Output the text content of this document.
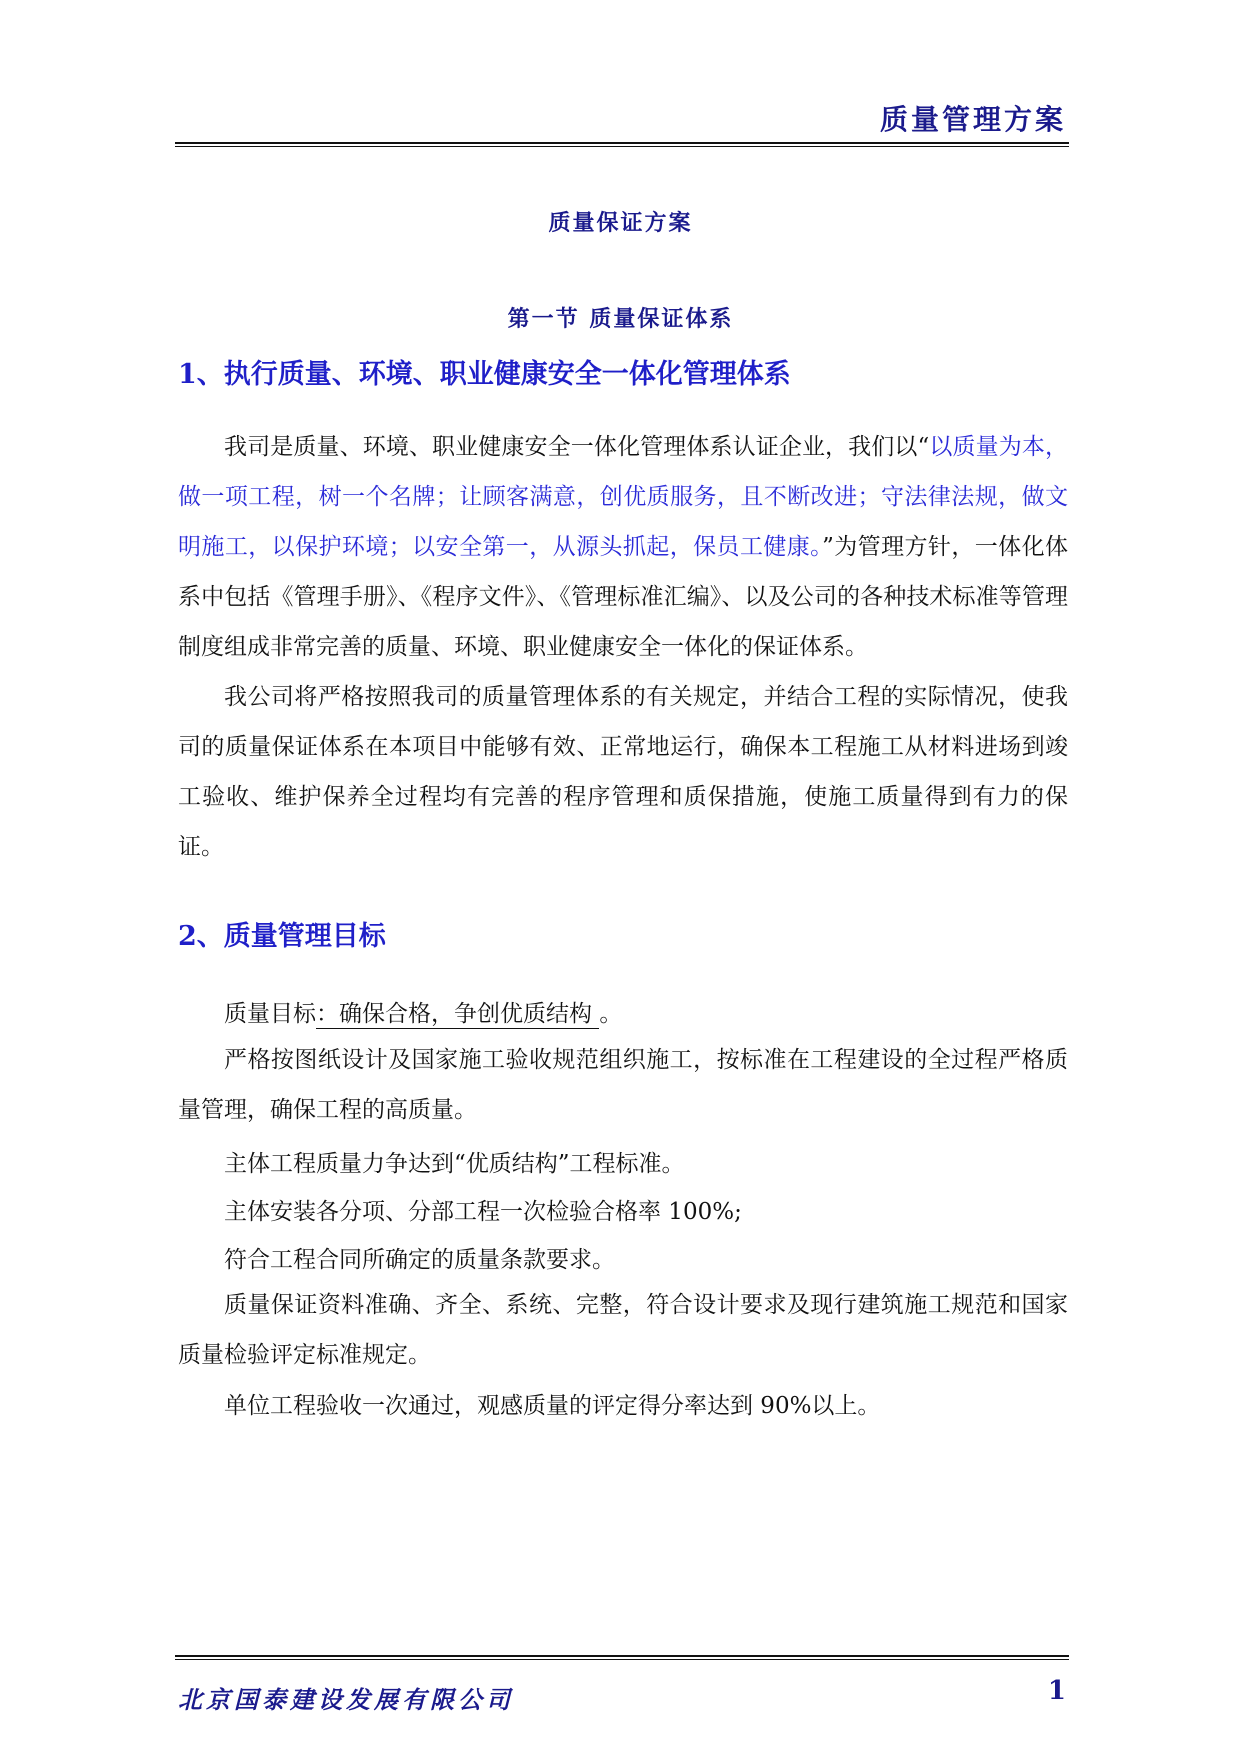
质量管理方案
质量保证方案
第一节 质量保证体系
1、执行质量、环境、职业健康安全一体化管理体系

我司是质量、环境、职业健康安全一体化管理体系认证企业，我们以“以质量为本，做一项工程，树一个名牌；让顾客满意，创优质服务，且不断改进；守法律法规，做文明施工，以保护环境；以安全第一，从源头抓起，保员工健康。”为管理方针，一体化体系中包括《管理手册》、《程序文件》、《管理标准汇编》、以及公司的各种技术标准等管理制度组成非常完善的质量、环境、职业健康安全一体化的保证体系。

我公司将严格按照我司的质量管理体系的有关规定，并结合工程的实际情况，使我司的质量保证体系在本项目中能够有效、正常地运行，确保本工程施工从材料进场到竣工验收、维护保养全过程均有完善的程序管理和质保措施，使施工质量得到有力的保证。

2、质量管理目标
质量目标：确保合格，争创优质结构 。

严格按图纸设计及国家施工验收规范组织施工，按标准在工程建设的全过程严格质量管理，确保工程的高质量。

主体工程质量力争达到“优质结构”工程标准。
主体安装各分项、分部工程一次检验合格率 100%;
符合工程合同所确定的质量条款要求。

质量保证资料准确、齐全、系统、完整，符合设计要求及现行建筑施工规范和国家质量检验评定标准规定。

单位工程验收一次通过，观感质量的评定得分率达到 90%以上。
北京国泰建设发展有限公司	1
